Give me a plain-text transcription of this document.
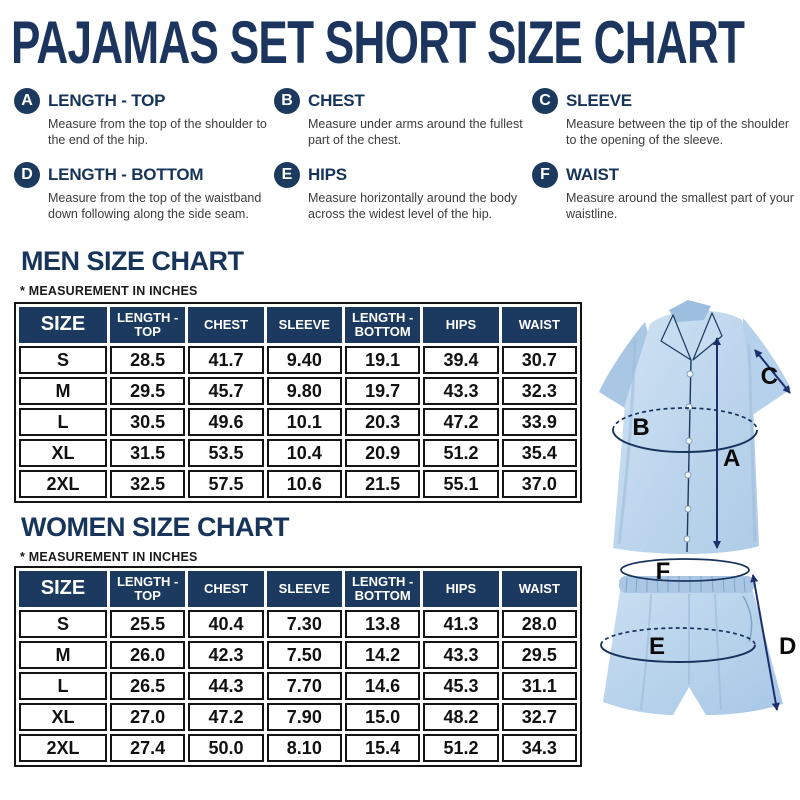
PAJAMAS SET SHORT SIZE CHART
A LENGTH - TOP

Measure from the top of the shoulder to the end of the hip.

B CHEST

Measure under arms around the fullest part of the chest.

C SLEEVE

Measure between the tip of the shoulder to the opening of the sleeve.

D LENGTH - BOTTOM

Measure from the top of the waistband down following along the side seam.

E HIPS

Measure horizontally around the body across the widest level of the hip.

F WAIST

Measure around the smallest part of your waistline.

MEN SIZE CHART

* MEASUREMENT IN INCHES

SIZE	LENGTH - TOP	CHEST	SLEEVE	LENGTH - BOTTOM	HIPS	WAIST
S	28.5	41.7	9.40	19.1	39.4	30.7
M	29.5	45.7	9.80	19.7	43.3	32.3
L	30.5	49.6	10.1	20.3	47.2	33.9
XL	31.5	53.5	10.4	20.9	51.2	35.4
2XL	32.5	57.5	10.6	21.5	55.1	37.0
WOMEN SIZE CHART

* MEASUREMENT IN INCHES

SIZE	LENGTH - TOP	CHEST	SLEEVE	LENGTH - BOTTOM	HIPS	WAIST
S	25.5	40.4	7.30	13.8	41.3	28.0
M	26.0	42.3	7.50	14.2	43.3	29.5
L	26.5	44.3	7.70	14.6	45.3	31.1
XL	27.0	47.2	7.90	15.0	48.2	32.7
2XL	27.4	50.0	8.10	15.4	51.2	34.3
A
B
C
F
E	D
